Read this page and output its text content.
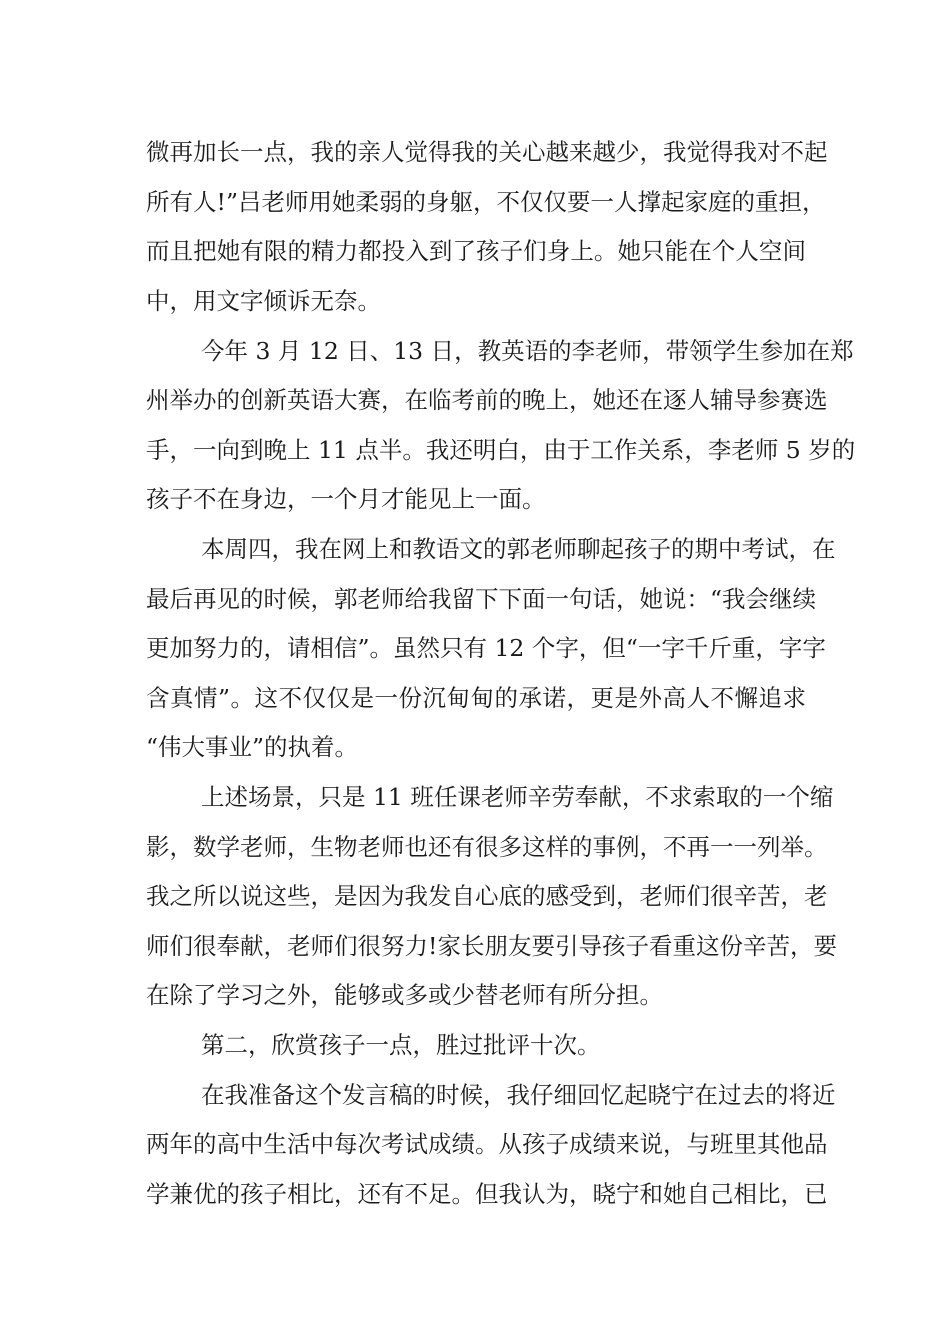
微再加长一点，我的亲人觉得我的关心越来越少，我觉得我对不起
所有人!”吕老师用她柔弱的身躯，不仅仅要一人撑起家庭的重担，
而且把她有限的精力都投入到了孩子们身上。她只能在个人空间
中，用文字倾诉无奈。
今年 3 月 12 日、13 日，教英语的李老师，带领学生参加在郑
州举办的创新英语大赛，在临考前的晚上，她还在逐人辅导参赛选
手，一向到晚上 11 点半。我还明白，由于工作关系，李老师 5 岁的
孩子不在身边，一个月才能见上一面。
本周四，我在网上和教语文的郭老师聊起孩子的期中考试，在
最后再见的时候，郭老师给我留下下面一句话，她说：“我会继续
更加努力的，请相信”。虽然只有 12 个字，但“一字千斤重，字字
含真情”。这不仅仅是一份沉甸甸的承诺，更是外高人不懈追求
“伟大事业”的执着。
上述场景，只是 11 班任课老师辛劳奉献，不求索取的一个缩
影，数学老师，生物老师也还有很多这样的事例，不再一一列举。
我之所以说这些，是因为我发自心底的感受到，老师们很辛苦，老
师们很奉献，老师们很努力!家长朋友要引导孩子看重这份辛苦，要
在除了学习之外，能够或多或少替老师有所分担。
第二，欣赏孩子一点，胜过批评十次。
在我准备这个发言稿的时候，我仔细回忆起晓宁在过去的将近
两年的高中生活中每次考试成绩。从孩子成绩来说，与班里其他品
学兼优的孩子相比，还有不足。但我认为，晓宁和她自己相比，已
